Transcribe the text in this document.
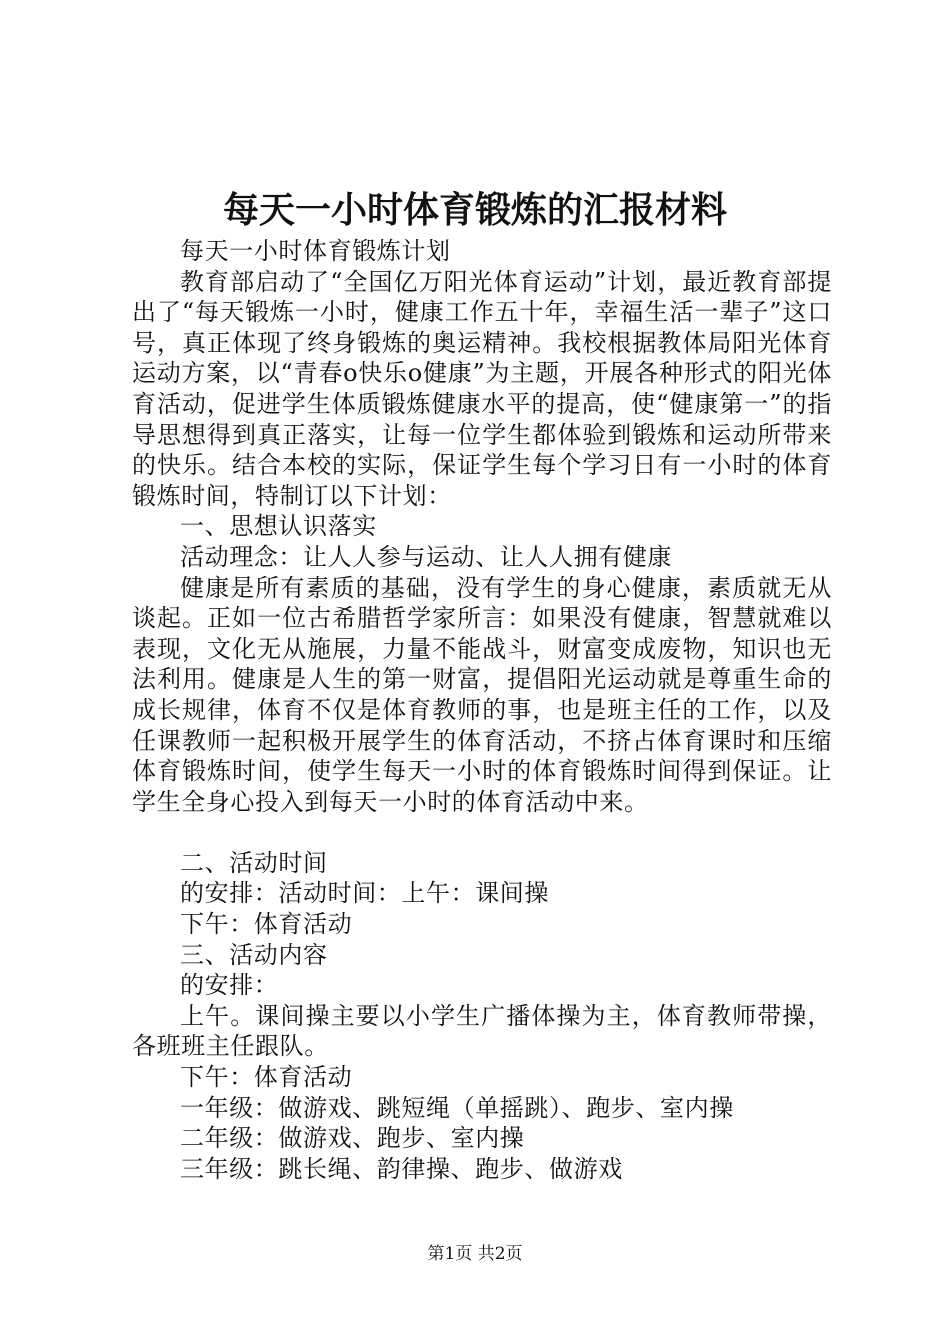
每天一小时体育锻炼的汇报材料

每天一小时体育锻炼计划

教育部启动了“全国亿万阳光体育运动”计划，最近教育部提出了“每天锻炼一小时，健康工作五十年，幸福生活一辈子”这口号，真正体现了终身锻炼的奥运精神。我校根据教体局阳光体育运动方案，以“青春ο快乐ο健康”为主题，开展各种形式的阳光体育活动，促进学生体质锻炼健康水平的提高，使“健康第一”的指导思想得到真正落实，让每一位学生都体验到锻炼和运动所带来的快乐。结合本校的实际，保证学生每个学习日有一小时的体育锻炼时间，特制订以下计划：

一、思想认识落实

活动理念：让人人参与运动、让人人拥有健康

健康是所有素质的基础，没有学生的身心健康，素质就无从谈起。正如一位古希腊哲学家所言：如果没有健康，智慧就难以表现，文化无从施展，力量不能战斗，财富变成废物，知识也无法利用。健康是人生的第一财富，提倡阳光运动就是尊重生命的成长规律，体育不仅是体育教师的事，也是班主任的工作，以及任课教师一起积极开展学生的体育活动，不挤占体育课时和压缩体育锻炼时间，使学生每天一小时的体育锻炼时间得到保证。让学生全身心投入到每天一小时的体育活动中来。

二、活动时间

的安排：活动时间：上午：课间操

下午：体育活动

三、活动内容

的安排：

上午。课间操主要以小学生广播体操为主，体育教师带操，各班班主任跟队。

下午：体育活动

一年级：做游戏、跳短绳（单摇跳）、跑步、室内操

二年级：做游戏、跑步、室内操

三年级：跳长绳、韵律操、跑步、做游戏

第1页 共2页
